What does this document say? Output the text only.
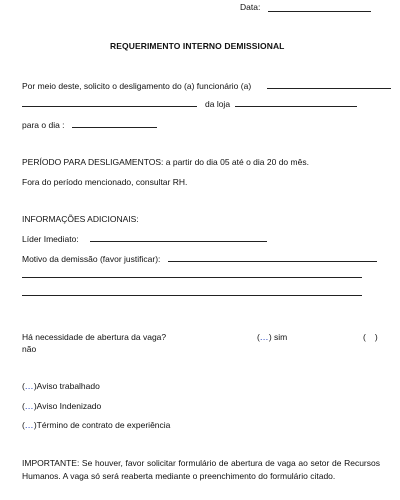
Data:
REQUERIMENTO INTERNO DEMISSIONAL
Por meio deste, solicito o desligamento do (a) funcionário (a)
da loja
para o dia :
PERÍODO PARA DESLIGAMENTOS: a partir do dia 05 até o dia 20 do mês.
Fora do período mencionado, consultar RH.
INFORMAÇÕES ADICIONAIS:
Líder Imediato:
Motivo da demissão (favor justificar):
Há necessidade de abertura da vaga?	(…) sim	( )
não
(…)Aviso trabalhado
(…)Aviso Indenizado
(…)Término de contrato de experiência
IMPORTANTE: Se houver, favor solicitar formulário de abertura de vaga ao setor de Recursos Humanos. A vaga só será reaberta mediante o preenchimento do formulário citado.
